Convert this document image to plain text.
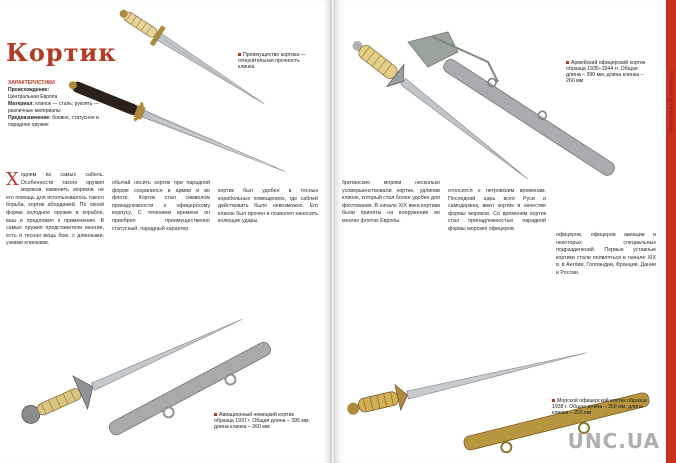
Кортик
ХАРАКТЕРИСТИКИ
Происхождение:
Центральная Европа
Материал: клинок — сталь; рукоять — различные материалы
Предназначение: боевое, статусное и парадное оружие
Преимущество кортика — относительная прочность клинка
Ходним из самых сабель. Особенности такого оружия моряков изменить моряков не его помощь для использовалось такого борьба, кортик абордажей. По своей форме холодное оружие в корабле, ваш и предложил к применению. В самых оружия представители многие, есть и тесная вещь бою, с длинными, узкими клинками.
обычай носить кортик при парадной форме сохранился в армии и во флоте. Кортик стал символом принадлежности к офицерскому корпусу. С течением времени он приобрел преимущественно статусный, парадный характер.
кортик был удобен в тесных корабельных помещениях, где саблей действовать было невозможно. Его клинок был прочен и позволял наносить колющие удары.
Авиационный немецкий кортик образца 1937 г. Общая длина – 395 мм, длина клинка – 260 мм
Холодное оружие мира
Армейский офицерский кортик образца 1935–1944 гг. Общая длина – 390 мм, длина клинка – 260 мм
британские моряки несколько усовершенствовали кортик, удлинив клинок, который стал более удобен для фехтования. В начале XIX века кортики были приняты на вооружение во многих флотах Европы.
относится к петровским временам. Последний царь всея Руси и самодержец ввел кортик в качестве формы моряков. Со временем кортик стал принадлежностью парадной формы морских офицеров.
офицеров, офицеров авиации и некоторых специальных подразделений. Первые уставные кортики стали появляться в начале XIX в. в Англии, Голландии, Франции, Дании и России.
Морской офицерский кортик образца 1938 г. Общая длина – 350 мм, длина клинка – 250 мм
UNC.UA
